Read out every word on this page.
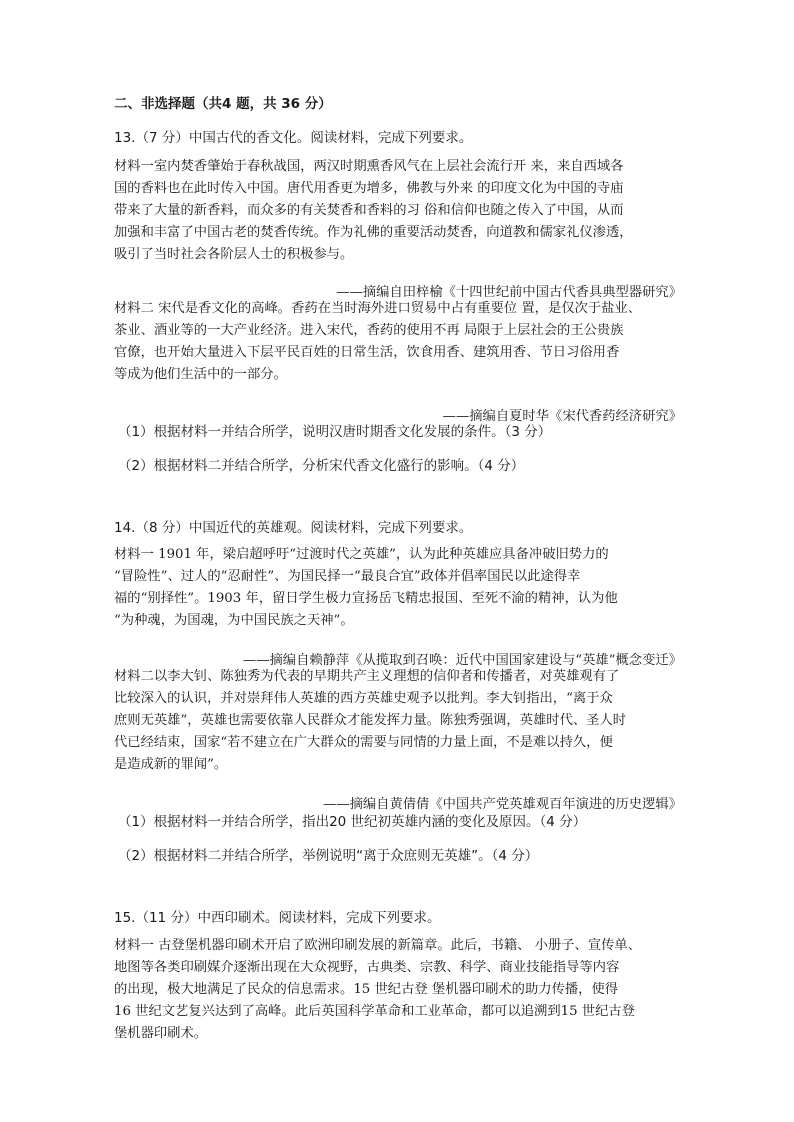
二、非选择题（共4 题，共 36 分）

13.（7 分）中国古代的香文化。阅读材料，完成下列要求。

材料一室内焚香肇始于春秋战国，两汉时期熏香风气在上层社会流行开 来，来自西域各

国的香料也在此时传入中国。唐代用香更为增多，佛教与外来 的印度文化为中国的寺庙

带来了大量的新香料，而众多的有关焚香和香料的习 俗和信仰也随之传入了中国，从而

加强和丰富了中国古老的焚香传统。作为礼佛的重要活动焚香，向道教和儒家礼仪渗透，

吸引了当时社会各阶层人士的积极参与。

——摘编自田梓榆《十四世纪前中国古代香具典型器研究》

材料二 宋代是香文化的高峰。香药在当时海外进口贸易中占有重要位 置，是仅次于盐业、

茶业、酒业等的一大产业经济。进入宋代，香药的使用不再 局限于上层社会的王公贵族

官僚，也开始大量进入下层平民百姓的日常生活，饮食用香、建筑用香、节日习俗用香

等成为他们生活中的一部分。

——摘编自夏时华《宋代香药经济研究》

（1）根据材料一并结合所学，说明汉唐时期香文化发展的条件。（3 分）

（2）根据材料二并结合所学，分析宋代香文化盛行的影响。（4 分）

14.（8 分）中国近代的英雄观。阅读材料，完成下列要求。

材料一 1901 年，梁启超呼吁“过渡时代之英雄”，认为此种英雄应具备冲破旧势力的

“冒险性”、过人的“忍耐性”、为国民择一“最良合宜”政体并倡率国民以此途得幸

福的“别择性”。1903 年，留日学生极力宣扬岳飞精忠报国、至死不渝的精神，认为他

“为种魂，为国魂，为中国民族之天神”。

——摘编自赖静萍《从揽取到召唤：近代中国国家建设与“英雄”概念变迁》

材料二以李大钊、陈独秀为代表的早期共产主义理想的信仰者和传播者，对英雄观有了

比较深入的认识，并对崇拜伟人英雄的西方英雄史观予以批判。李大钊指出，“离于众

庶则无英雄”，英雄也需要依靠人民群众才能发挥力量。陈独秀强调，英雄时代、圣人时

代已经结束，国家“若不建立在广大群众的需要与同情的力量上面，不是难以持久，便

是造成新的罪闻”。

——摘编自黄倩倩《中国共产党英雄观百年演进的历史逻辑》

（1）根据材料一并结合所学，指出20 世纪初英雄内涵的变化及原因。（4 分）

（2）根据材料二并结合所学，举例说明“离于众庶则无英雄”。（4 分）

15.（11 分）中西印刷术。阅读材料，完成下列要求。

材料一 古登堡机器印刷术开启了欧洲印刷发展的新篇章。此后，书籍、 小册子、宣传单、

地图等各类印刷媒介逐渐出现在大众视野，古典类、宗教、科学、商业技能指导等内容

的出现，极大地满足了民众的信息需求。15 世纪古登 堡机器印刷术的助力传播，使得

16 世纪文艺复兴达到了高峰。此后英国科学革命和工业革命，都可以追溯到15 世纪古登

堡机器印刷术。
